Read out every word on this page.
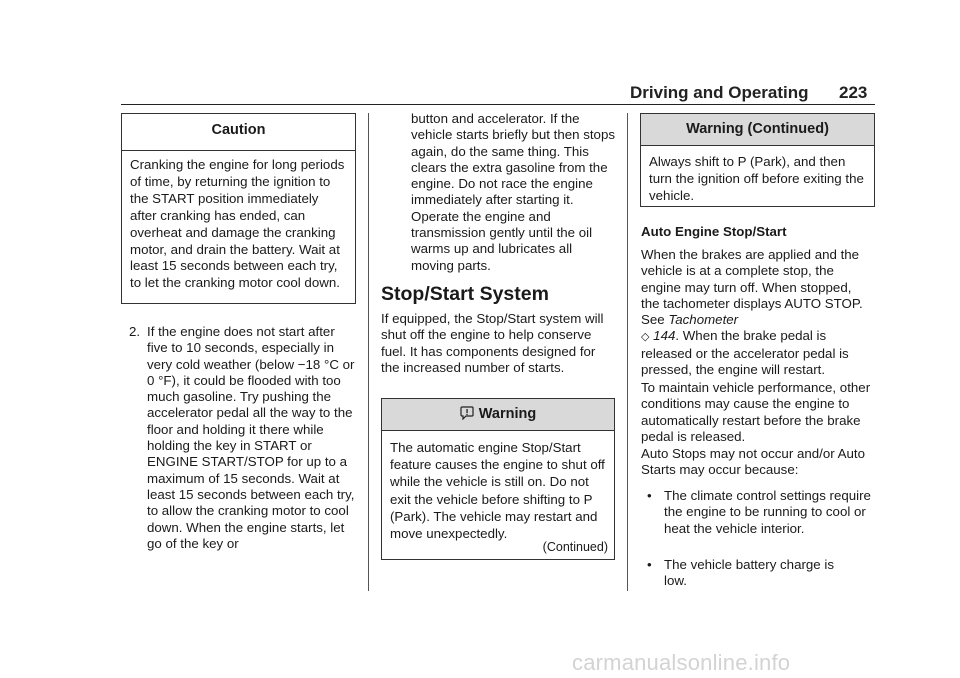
Driving and Operating 223
Caution
Cranking the engine for long periods of time, by returning the ignition to the START position immediately after cranking has ended, can overheat and damage the cranking motor, and drain the battery. Wait at least 15 seconds between each try, to let the cranking motor cool down.
2. If the engine does not start after five to 10 seconds, especially in very cold weather (below −18 °C or 0 °F), it could be flooded with too much gasoline. Try pushing the accelerator pedal all the way to the floor and holding it there while holding the key in START or ENGINE START/STOP for up to a maximum of 15 seconds. Wait at least 15 seconds between each try, to allow the cranking motor to cool down. When the engine starts, let go of the key or
button and accelerator. If the vehicle starts briefly but then stops again, do the same thing. This clears the extra gasoline from the engine. Do not race the engine immediately after starting it. Operate the engine and transmission gently until the oil warms up and lubricates all moving parts.
Stop/Start System
If equipped, the Stop/Start system will shut off the engine to help conserve fuel. It has components designed for the increased number of starts.
Warning
The automatic engine Stop/Start feature causes the engine to shut off while the vehicle is still on. Do not exit the vehicle before shifting to P (Park). The vehicle may restart and move unexpectedly.
(Continued)
Warning (Continued)
Always shift to P (Park), and then turn the ignition off before exiting the vehicle.
Auto Engine Stop/Start
When the brakes are applied and the vehicle is at a complete stop, the engine may turn off. When stopped, the tachometer displays AUTO STOP. See Tachometer
◇ 144. When the brake pedal is released or the accelerator pedal is pressed, the engine will restart.
To maintain vehicle performance, other conditions may cause the engine to automatically restart before the brake pedal is released.
Auto Stops may not occur and/or Auto Starts may occur because:
• The climate control settings require the engine to be running to cool or heat the vehicle interior.
• The vehicle battery charge is low.
carmanualsonline.info
